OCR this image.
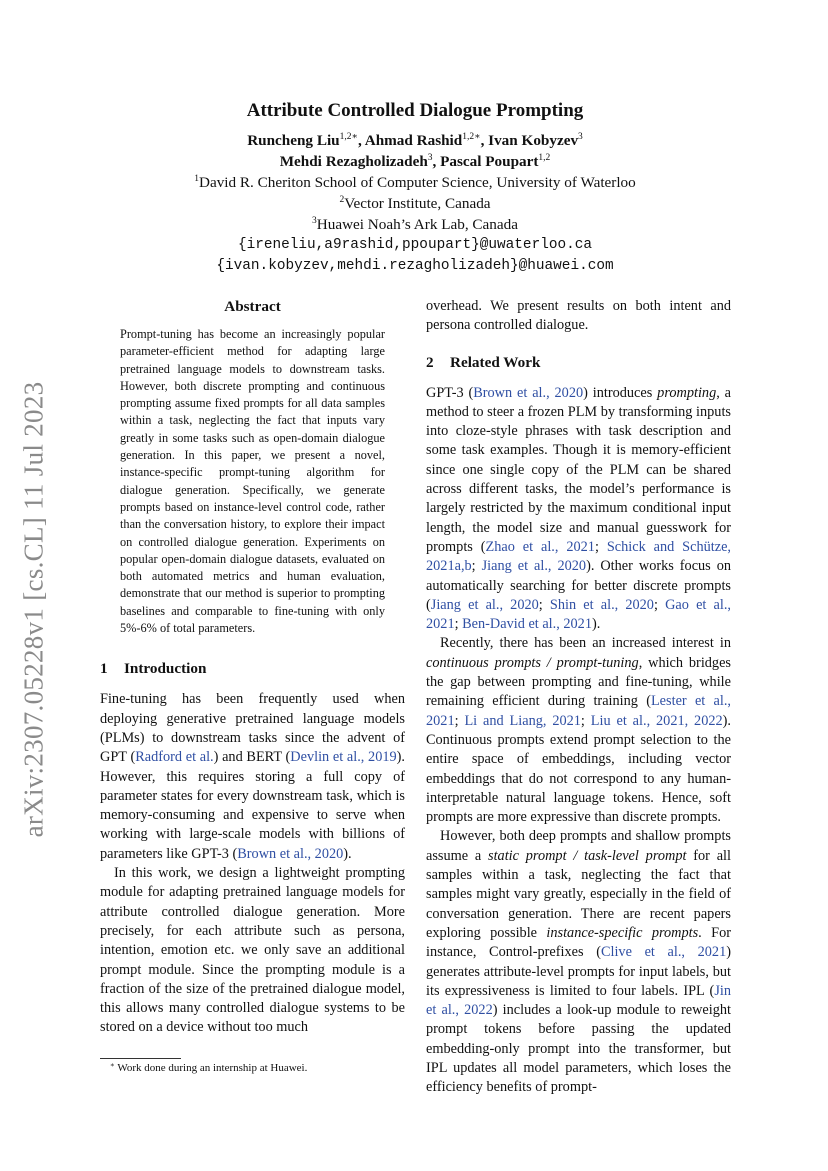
arXiv:2307.05228v1 [cs.CL] 11 Jul 2023
Attribute Controlled Dialogue Prompting
Runcheng Liu$^{1,2∗}$, Ahmad Rashid$^{1,2∗}$, Ivan Kobyzev$^3$
Mehdi Rezagholizadeh$^3$, Pascal Poupart$^{1,2}$
$^1$David R. Cheriton School of Computer Science, University of Waterloo
$^2$Vector Institute, Canada
$^3$Huawei Noah’s Ark Lab, Canada
{ireneliu,a9rashid,ppoupart}@uwaterloo.ca
{ivan.kobyzev,mehdi.rezagholizadeh}@huawei.com
Abstract

Prompt-tuning has become an increasingly popular parameter-efficient method for adapting large pretrained language models to downstream tasks. However, both discrete prompting and continuous prompting assume fixed prompts for all data samples within a task, neglecting the fact that inputs vary greatly in some tasks such as open-domain dialogue generation. In this paper, we present a novel, instance-specific prompt-tuning algorithm for dialogue generation. Specifically, we generate prompts based on instance-level control code, rather than the conversation history, to explore their impact on controlled dialogue generation. Experiments on popular open-domain dialogue datasets, evaluated on both automated metrics and human evaluation, demonstrate that our method is superior to prompting baselines and comparable to fine-tuning with only 5%-6% of total parameters.

1 Introduction

Fine-tuning has been frequently used when deploying generative pretrained language models (PLMs) to downstream tasks since the advent of GPT (Radford et al.) and BERT (Devlin et al., 2019). However, this requires storing a full copy of parameter states for every downstream task, which is memory-consuming and expensive to serve when working with large-scale models with billions of parameters like GPT-3 (Brown et al., 2020).

In this work, we design a lightweight prompting module for adapting pretrained language models for attribute controlled dialogue generation. More precisely, for each attribute such as persona, intention, emotion etc. we only save an additional prompt module. Since the prompting module is a fraction of the size of the pretrained dialogue model, this allows many controlled dialogue systems to be stored on a device without too much

overhead. We present results on both intent and persona controlled dialogue.

2 Related Work

GPT-3 (Brown et al., 2020) introduces prompting, a method to steer a frozen PLM by transforming inputs into cloze-style phrases with task description and some task examples. Though it is memory-efficient since one single copy of the PLM can be shared across different tasks, the model’s performance is largely restricted by the maximum conditional input length, the model size and manual guesswork for prompts (Zhao et al., 2021; Schick and Schütze, 2021a,b; Jiang et al., 2020). Other works focus on automatically searching for better discrete prompts (Jiang et al., 2020; Shin et al., 2020; Gao et al., 2021; Ben-David et al., 2021).

Recently, there has been an increased interest in continuous prompts / prompt-tuning, which bridges the gap between prompting and fine-tuning, while remaining efficient during training (Lester et al., 2021; Li and Liang, 2021; Liu et al., 2021, 2022). Continuous prompts extend prompt selection to the entire space of embeddings, including vector embeddings that do not correspond to any human-interpretable natural language tokens. Hence, soft prompts are more expressive than discrete prompts.

However, both deep prompts and shallow prompts assume a static prompt / task-level prompt for all samples within a task, neglecting the fact that samples might vary greatly, especially in the field of conversation generation. There are recent papers exploring possible instance-specific prompts. For instance, Control-prefixes (Clive et al., 2021) generates attribute-level prompts for input labels, but its expressiveness is limited to four labels. IPL (Jin et al., 2022) includes a look-up module to reweight prompt tokens before passing the updated embedding-only prompt into the transformer, but IPL updates all model parameters, which loses the efficiency benefits of prompt-

∗ Work done during an internship at Huawei.
